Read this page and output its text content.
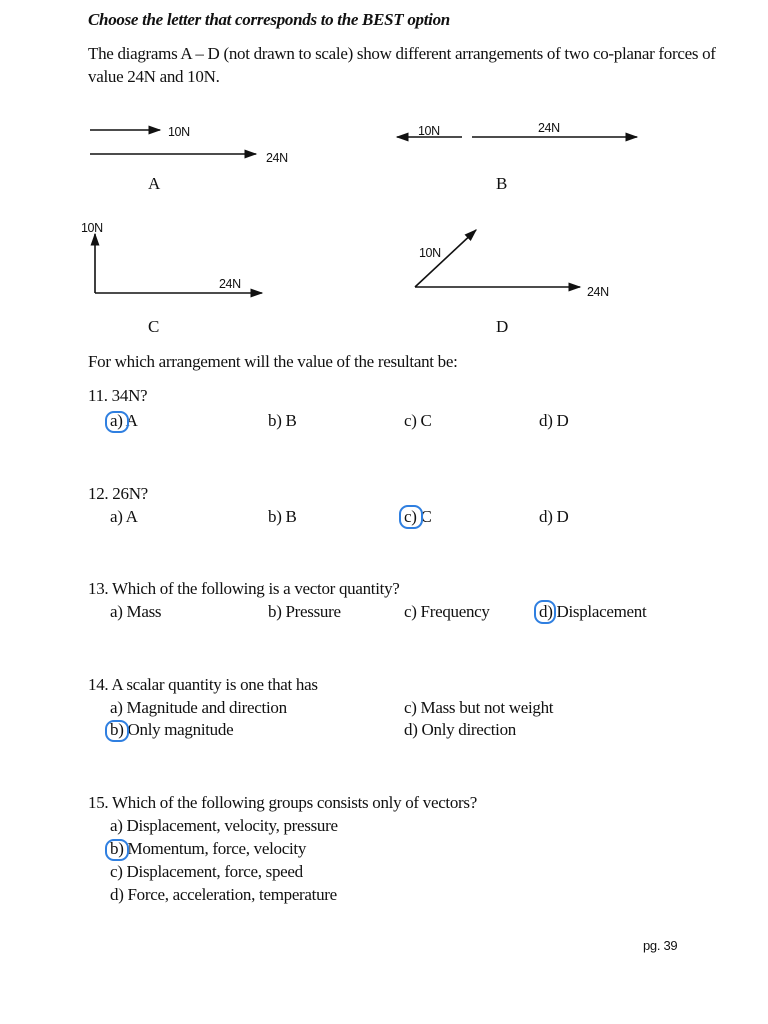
Choose the letter that corresponds to the BEST option
The diagrams A – D (not drawn to scale) show different arrangements of two co-planar forces of
value 24N and 10N.
10N
24N
A
10N	24N
B
10N
24N
C
10N
24N
D
For which arrangement will the value of the resultant be:
11. 34N?
a) A	b) B	c) C	d) D
12. 26N?
a) A	b) B	c) C	d) D
13. Which of the following is a vector quantity?
a) Mass	b) Pressure	c) Frequency	d) Displacement
14. A scalar quantity is one that has
a) Magnitude and direction
b) Only magnitude
c) Mass but not weight
d) Only direction
15. Which of the following groups consists only of vectors?
a) Displacement, velocity, pressure
b) Momentum, force, velocity
c) Displacement, force, speed
d) Force, acceleration, temperature
pg. 39
